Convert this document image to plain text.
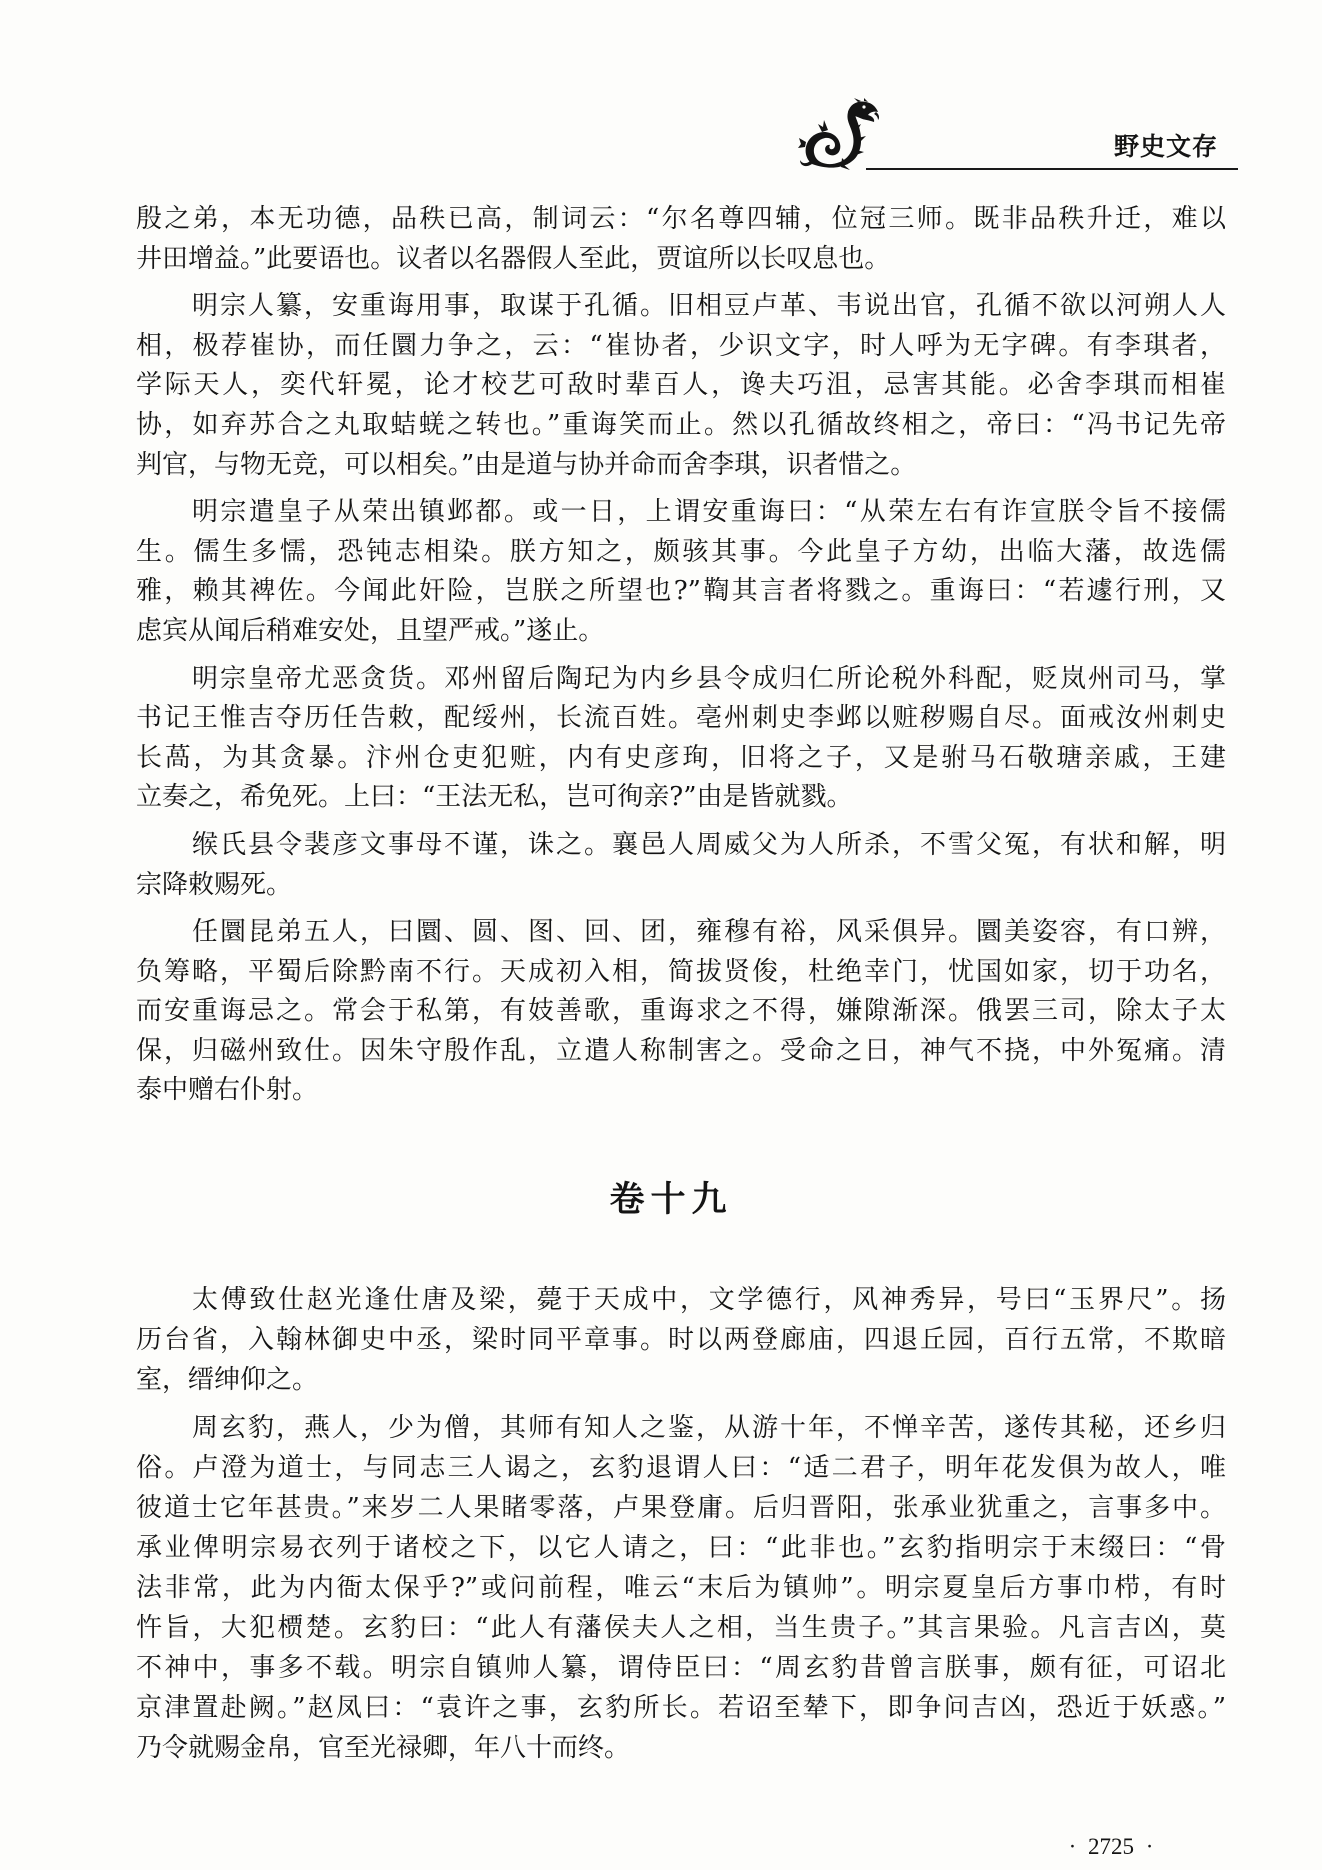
野史文存
殷之弟，本无功德，品秩已高，制词云：“尔名尊四辅，位冠三师。既非品秩升迁，难以
井田增益。”此要语也。议者以名器假人至此，贾谊所以长叹息也。
明宗人纂，安重诲用事，取谋于孔循。旧相豆卢革、韦说出官，孔循不欲以河朔人人
相，极荐崔协，而任圜力争之，云：“崔协者，少识文字，时人呼为无字碑。有李琪者，
学际天人，奕代轩冕，论才校艺可敌时辈百人，谗夫巧沮，忌害其能。必舍李琪而相崔
协，如弃苏合之丸取蛣蜣之转也。”重诲笑而止。然以孔循故终相之，帝曰：“冯书记先帝
判官，与物无竞，可以相矣。”由是道与协并命而舍李琪，识者惜之。
明宗遣皇子从荣出镇邺都。或一日，上谓安重诲曰：“从荣左右有诈宣朕令旨不接儒
生。儒生多懦，恐钝志相染。朕方知之，颇骇其事。今此皇子方幼，出临大藩，故选儒
雅，赖其裨佐。今闻此奸险，岂朕之所望也?”鞫其言者将戮之。重诲曰：“若遽行刑，又
虑宾从闻后稍难安处，且望严戒。”遂止。
明宗皇帝尤恶贪货。邓州留后陶玘为内乡县令成归仁所论税外科配，贬岚州司马，掌
书记王惟吉夺历任告敕，配绥州，长流百姓。亳州刺史李邺以赃秽赐自尽。面戒汝州刺史
长萵，为其贪暴。汴州仓吏犯赃，内有史彦珣，旧将之子，又是驸马石敬瑭亲戚，王建
立奏之，希免死。上曰：“王法无私，岂可徇亲?”由是皆就戮。
缑氏县令裴彦文事母不谨，诛之。襄邑人周威父为人所杀，不雪父冤，有状和解，明
宗降敕赐死。
任圜昆弟五人，曰圜、圆、图、回、团，雍穆有裕，风采俱异。圜美姿容，有口辨，
负筹略，平蜀后除黔南不行。天成初入相，简拔贤俊，杜绝幸门，忧国如家，切于功名，
而安重诲忌之。常会于私第，有妓善歌，重诲求之不得，嫌隙渐深。俄罢三司，除太子太
保，归磁州致仕。因朱守殷作乱，立遣人称制害之。受命之日，神气不挠，中外冤痛。清
泰中赠右仆射。
卷十九
太傅致仕赵光逢仕唐及梁，薨于天成中，文学德行，风神秀异，号曰“玉界尺”。扬
历台省，入翰林御史中丞，梁时同平章事。时以两登廊庙，四退丘园，百行五常，不欺暗
室，缙绅仰之。
周玄豹，燕人，少为僧，其师有知人之鉴，从游十年，不惮辛苦，遂传其秘，还乡归
俗。卢澄为道士，与同志三人谒之，玄豹退谓人曰：“适二君子，明年花发俱为故人，唯
彼道士它年甚贵。”来岁二人果睹零落，卢果登庸。后归晋阳，张承业犹重之，言事多中。
承业俾明宗易衣列于诸校之下，以它人请之，曰：“此非也。”玄豹指明宗于末缀曰：“骨
法非常，此为内衙太保乎?”或问前程，唯云“末后为镇帅”。明宗夏皇后方事巾栉，有时
忤旨，大犯槚楚。玄豹曰：“此人有藩侯夫人之相，当生贵子。”其言果验。凡言吉凶，莫
不神中，事多不载。明宗自镇帅人纂，谓侍臣曰：“周玄豹昔曾言朕事，颇有征，可诏北
京津置赴阙。”赵凤曰：“袁许之事，玄豹所长。若诏至辇下，即争问吉凶，恐近于妖惑。”
乃令就赐金帛，官至光禄卿，年八十而终。
· 2725 ·
